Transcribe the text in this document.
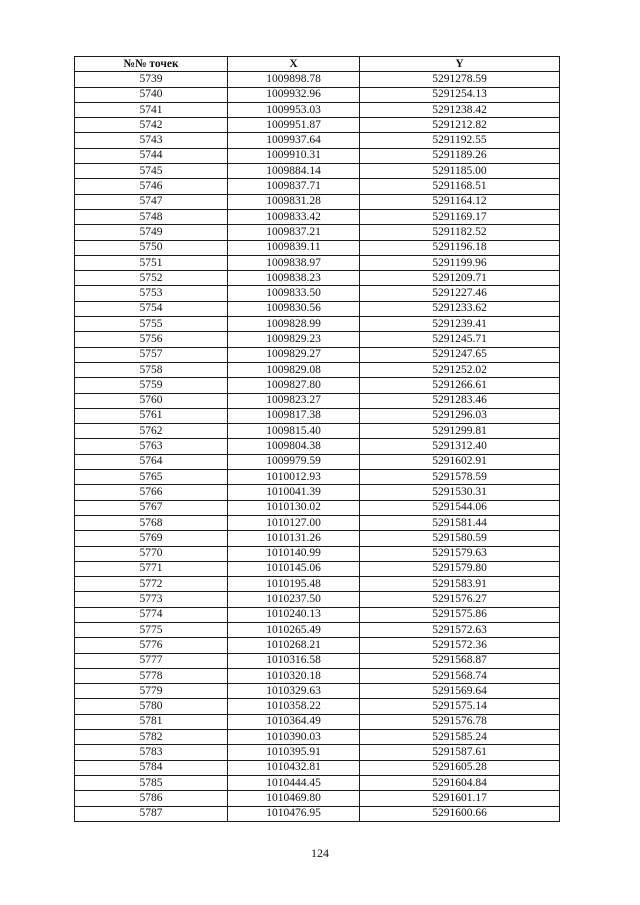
№№ точек	X	Y
5739	1009898.78	5291278.59
5740	1009932.96	5291254.13
5741	1009953.03	5291238.42
5742	1009951.87	5291212.82
5743	1009937.64	5291192.55
5744	1009910.31	5291189.26
5745	1009884.14	5291185.00
5746	1009837.71	5291168.51
5747	1009831.28	5291164.12
5748	1009833.42	5291169.17
5749	1009837.21	5291182.52
5750	1009839.11	5291196.18
5751	1009838.97	5291199.96
5752	1009838.23	5291209.71
5753	1009833.50	5291227.46
5754	1009830.56	5291233.62
5755	1009828.99	5291239.41
5756	1009829.23	5291245.71
5757	1009829.27	5291247.65
5758	1009829.08	5291252.02
5759	1009827.80	5291266.61
5760	1009823.27	5291283.46
5761	1009817.38	5291296.03
5762	1009815.40	5291299.81
5763	1009804.38	5291312.40
5764	1009979.59	5291602.91
5765	1010012.93	5291578.59
5766	1010041.39	5291530.31
5767	1010130.02	5291544.06
5768	1010127.00	5291581.44
5769	1010131.26	5291580.59
5770	1010140.99	5291579.63
5771	1010145.06	5291579.80
5772	1010195.48	5291583.91
5773	1010237.50	5291576.27
5774	1010240.13	5291575.86
5775	1010265.49	5291572.63
5776	1010268.21	5291572.36
5777	1010316.58	5291568.87
5778	1010320.18	5291568.74
5779	1010329.63	5291569.64
5780	1010358.22	5291575.14
5781	1010364.49	5291576.78
5782	1010390.03	5291585.24
5783	1010395.91	5291587.61
5784	1010432.81	5291605.28
5785	1010444.45	5291604.84
5786	1010469.80	5291601.17
5787	1010476.95	5291600.66
124
